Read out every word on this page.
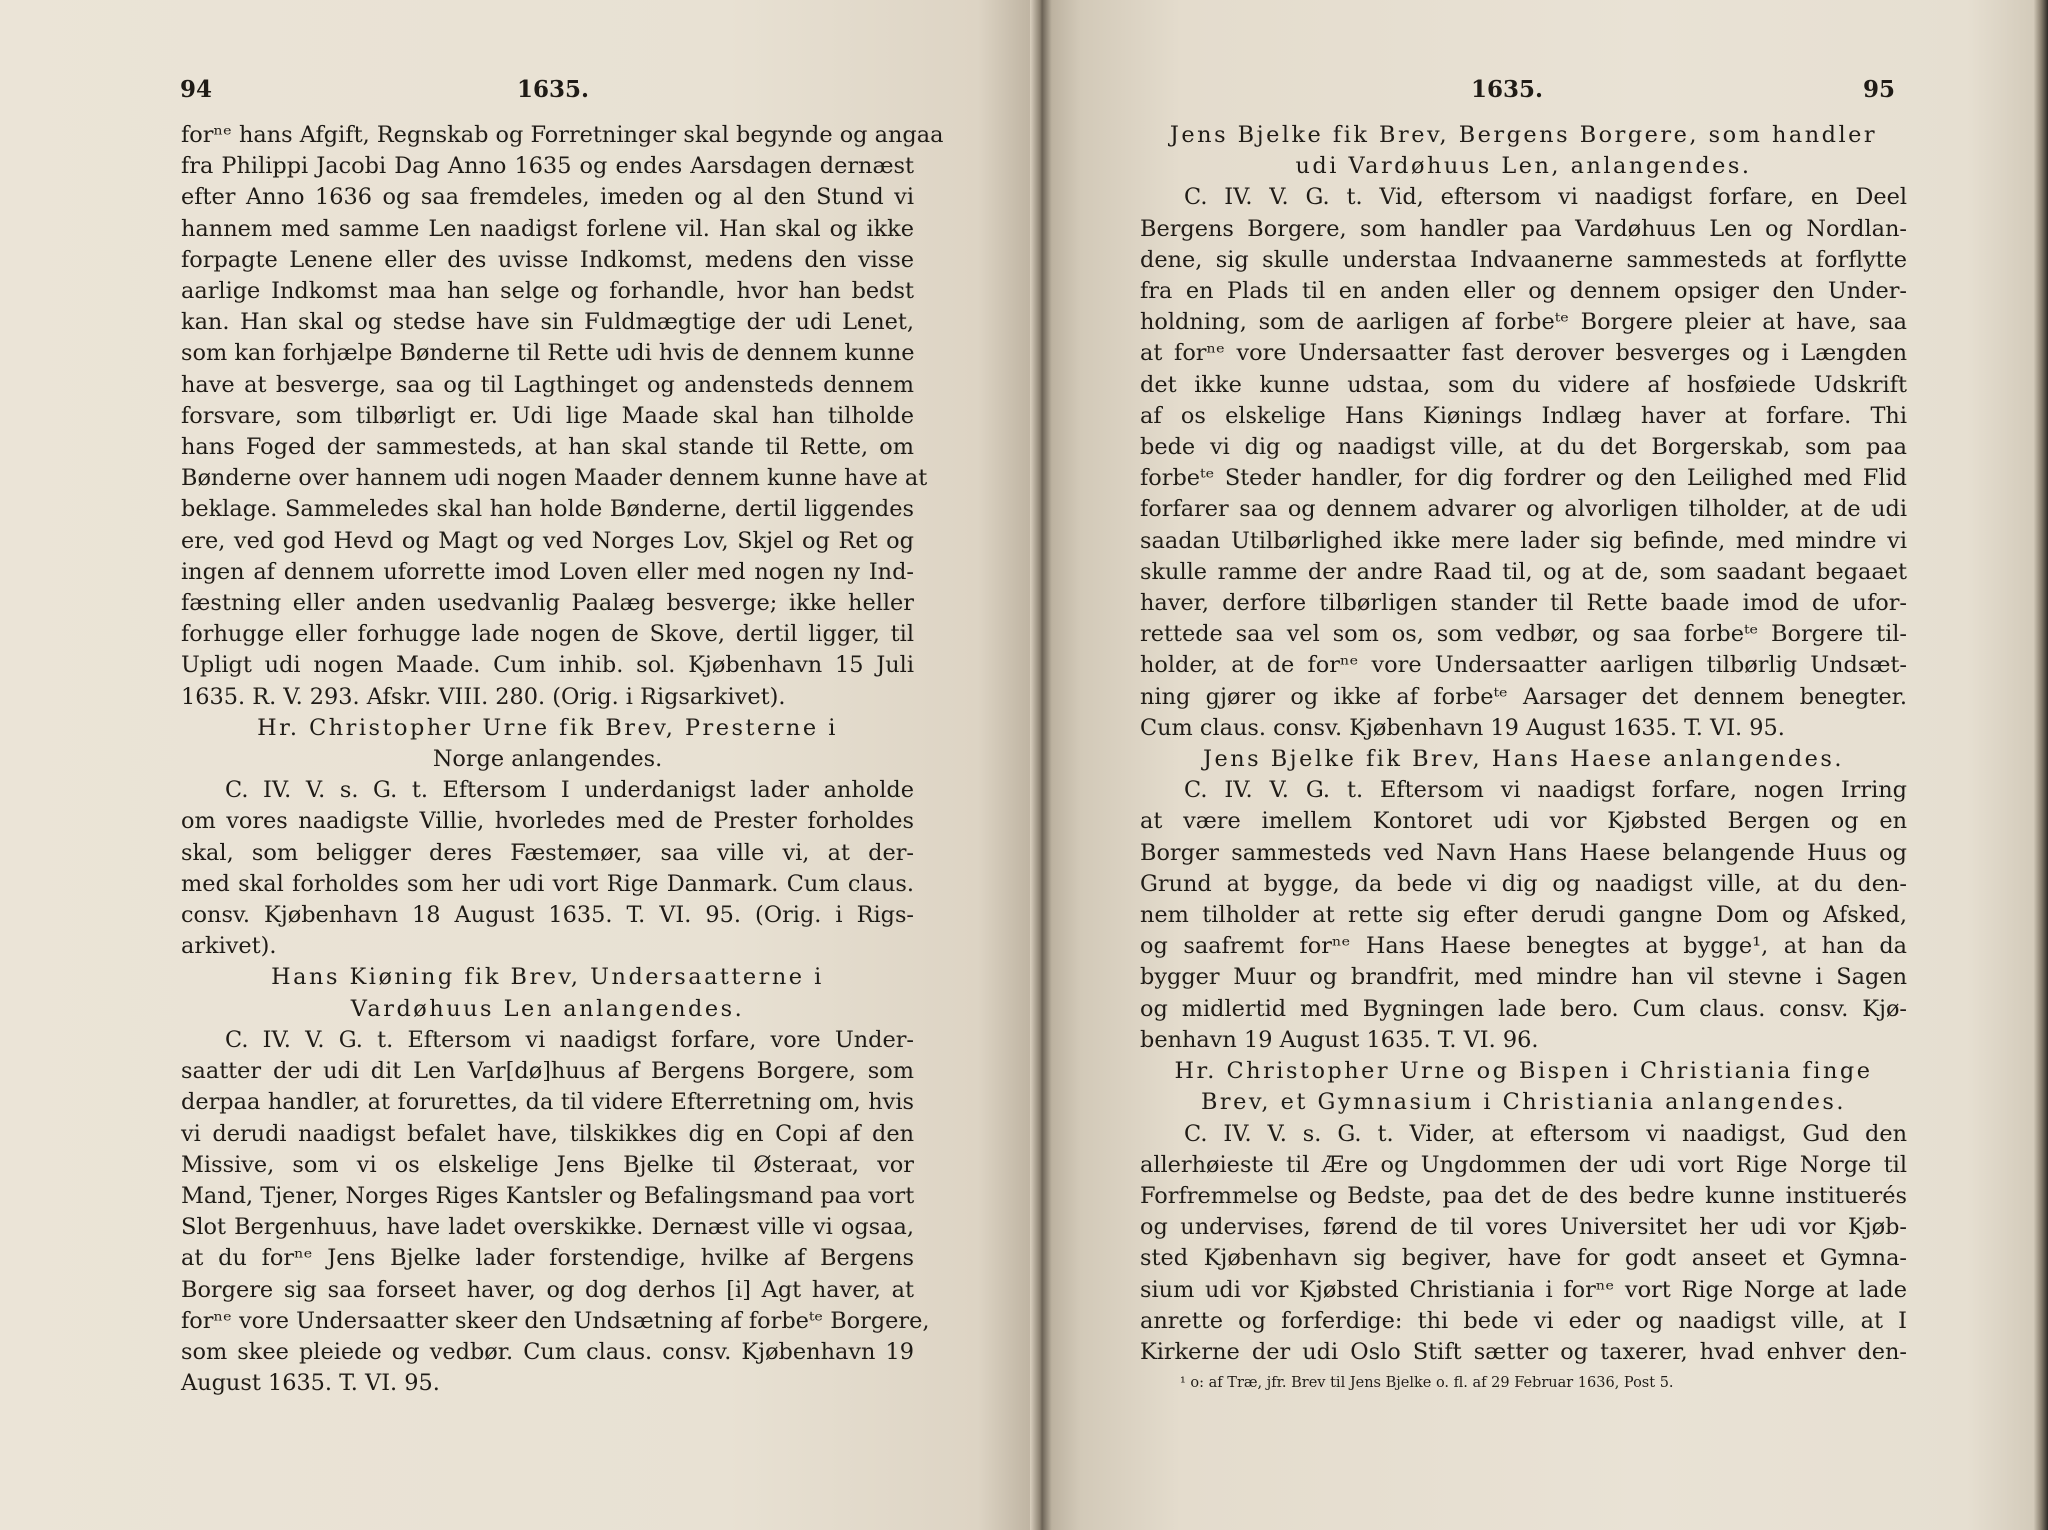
94	1635.
forⁿᵉ hans Afgift, Regnskab og Forretninger skal begynde og angaa
fra Philippi Jacobi Dag Anno 1635 og endes Aarsdagen dernæst
efter Anno 1636 og saa fremdeles, imeden og al den Stund vi
hannem med samme Len naadigst forlene vil. Han skal og ikke
forpagte Lenene eller des uvisse Indkomst, medens den visse
aarlige Indkomst maa han selge og forhandle, hvor han bedst
kan. Han skal og stedse have sin Fuldmægtige der udi Lenet,
som kan forhjælpe Bønderne til Rette udi hvis de dennem kunne
have at besverge, saa og til Lagthinget og andensteds dennem
forsvare, som tilbørligt er. Udi lige Maade skal han tilholde
hans Foged der sammesteds, at han skal stande til Rette, om
Bønderne over hannem udi nogen Maader dennem kunne have at
beklage. Sammeledes skal han holde Bønderne, dertil liggendes
ere, ved god Hevd og Magt og ved Norges Lov, Skjel og Ret og
ingen af dennem uforrette imod Loven eller med nogen ny Ind-
fæstning eller anden usedvanlig Paalæg besverge; ikke heller
forhugge eller forhugge lade nogen de Skove, dertil ligger, til
Upligt udi nogen Maade. Cum inhib. sol. Kjøbenhavn 15 Juli
1635. R. V. 293. Afskr. VIII. 280. (Orig. i Rigsarkivet).
Hr. Christopher Urne fik Brev, Presterne i
Norge anlangendes.
C. IV. V. s. G. t. Eftersom I underdanigst lader anholde
om vores naadigste Villie, hvorledes med de Prester forholdes
skal, som beligger deres Fæstemøer, saa ville vi, at der-
med skal forholdes som her udi vort Rige Danmark. Cum claus.
consv. Kjøbenhavn 18 August 1635. T. VI. 95. (Orig. i Rigs-
arkivet).
Hans Kiøning fik Brev, Undersaatterne i
Vardøhuus Len anlangendes.
C. IV. V. G. t. Eftersom vi naadigst forfare, vore Under-
saatter der udi dit Len Var[dø]huus af Bergens Borgere, som
derpaa handler, at forurettes, da til videre Efterretning om, hvis
vi derudi naadigst befalet have, tilskikkes dig en Copi af den
Missive, som vi os elskelige Jens Bjelke til Østeraat, vor
Mand, Tjener, Norges Riges Kantsler og Befalingsmand paa vort
Slot Bergenhuus, have ladet overskikke. Dernæst ville vi ogsaa,
at du forⁿᵉ Jens Bjelke lader forstendige, hvilke af Bergens
Borgere sig saa forseet haver, og dog derhos [i] Agt haver, at
forⁿᵉ vore Undersaatter skeer den Undsætning af forbeᵗᵉ Borgere,
som skee pleiede og vedbør. Cum claus. consv. Kjøbenhavn 19
August 1635. T. VI. 95.
1635.	95
Jens Bjelke fik Brev, Bergens Borgere, som handler
udi Vardøhuus Len, anlangendes.
C. IV. V. G. t. Vid, eftersom vi naadigst forfare, en Deel
Bergens Borgere, som handler paa Vardøhuus Len og Nordlan-
dene, sig skulle understaa Indvaanerne sammesteds at forflytte
fra en Plads til en anden eller og dennem opsiger den Under-
holdning, som de aarligen af forbeᵗᵉ Borgere pleier at have, saa
at forⁿᵉ vore Undersaatter fast derover besverges og i Længden
det ikke kunne udstaa, som du videre af hosføiede Udskrift
af os elskelige Hans Kiønings Indlæg haver at forfare. Thi
bede vi dig og naadigst ville, at du det Borgerskab, som paa
forbeᵗᵉ Steder handler, for dig fordrer og den Leilighed med Flid
forfarer saa og dennem advarer og alvorligen tilholder, at de udi
saadan Utilbørlighed ikke mere lader sig befinde, med mindre vi
skulle ramme der andre Raad til, og at de, som saadant begaaet
haver, derfore tilbørligen stander til Rette baade imod de ufor-
rettede saa vel som os, som vedbør, og saa forbeᵗᵉ Borgere til-
holder, at de forⁿᵉ vore Undersaatter aarligen tilbørlig Undsæt-
ning gjører og ikke af forbeᵗᵉ Aarsager det dennem benegter.
Cum claus. consv. Kjøbenhavn 19 August 1635. T. VI. 95.
Jens Bjelke fik Brev, Hans Haese anlangendes.
C. IV. V. G. t. Eftersom vi naadigst forfare, nogen Irring
at være imellem Kontoret udi vor Kjøbsted Bergen og en
Borger sammesteds ved Navn Hans Haese belangende Huus og
Grund at bygge, da bede vi dig og naadigst ville, at du den-
nem tilholder at rette sig efter derudi gangne Dom og Afsked,
og saafremt forⁿᵉ Hans Haese benegtes at bygge¹, at han da
bygger Muur og brandfrit, med mindre han vil stevne i Sagen
og midlertid med Bygningen lade bero. Cum claus. consv. Kjø-
benhavn 19 August 1635. T. VI. 96.
Hr. Christopher Urne og Bispen i Christiania finge
Brev, et Gymnasium i Christiania anlangendes.
C. IV. V. s. G. t. Vider, at eftersom vi naadigst, Gud den
allerhøieste til Ære og Ungdommen der udi vort Rige Norge til
Forfremmelse og Bedste, paa det de des bedre kunne instituerés
og undervises, førend de til vores Universitet her udi vor Kjøb-
sted Kjøbenhavn sig begiver, have for godt anseet et Gymna-
sium udi vor Kjøbsted Christiania i forⁿᵉ vort Rige Norge at lade
anrette og forferdige: thi bede vi eder og naadigst ville, at I
Kirkerne der udi Oslo Stift sætter og taxerer, hvad enhver den-
¹ o: af Træ, jfr. Brev til Jens Bjelke o. fl. af 29 Februar 1636, Post 5.
